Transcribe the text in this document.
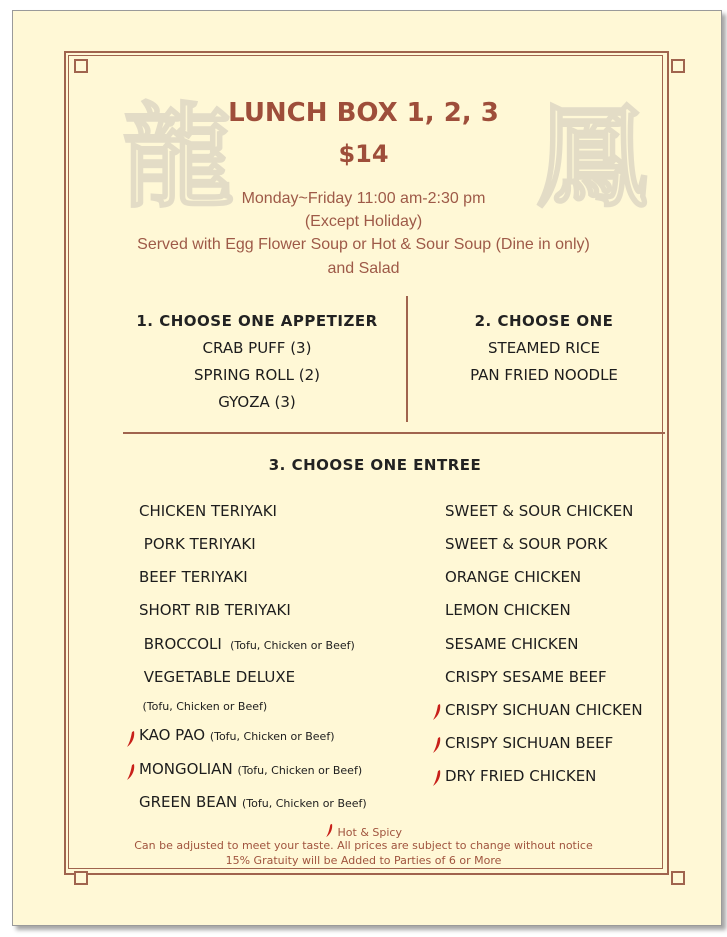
龍	鳳
LUNCH BOX 1, 2, 3
$14
Monday~Friday 11:00 am-2:30 pm
(Except Holiday)
Served with Egg Flower Soup or Hot & Sour Soup (Dine in only)
and Salad
1. CHOOSE ONE APPETIZER
CRAB PUFF (3)
SPRING ROLL (2)
GYOZA (3)
2. CHOOSE ONE
STEAMED RICE
PAN FRIED NOODLE
3. CHOOSE ONE ENTREE
CHICKEN TERIYAKI
PORK TERIYAKI
BEEF TERIYAKI
SHORT RIB TERIYAKI
BROCCOLI  (Tofu, Chicken or Beef)
VEGETABLE DELUXE
(Tofu, Chicken or Beef)
KAO PAO (Tofu, Chicken or Beef)
MONGOLIAN (Tofu, Chicken or Beef)
GREEN BEAN (Tofu, Chicken or Beef)
SWEET & SOUR CHICKEN
SWEET & SOUR PORK
ORANGE CHICKEN
LEMON CHICKEN
SESAME CHICKEN
CRISPY SESAME BEEF
CRISPY SICHUAN CHICKEN
CRISPY SICHUAN BEEF
DRY FRIED CHICKEN
Hot & Spicy
Can be adjusted to meet your taste. All prices are subject to change without notice
15% Gratuity will be Added to Parties of 6 or More
